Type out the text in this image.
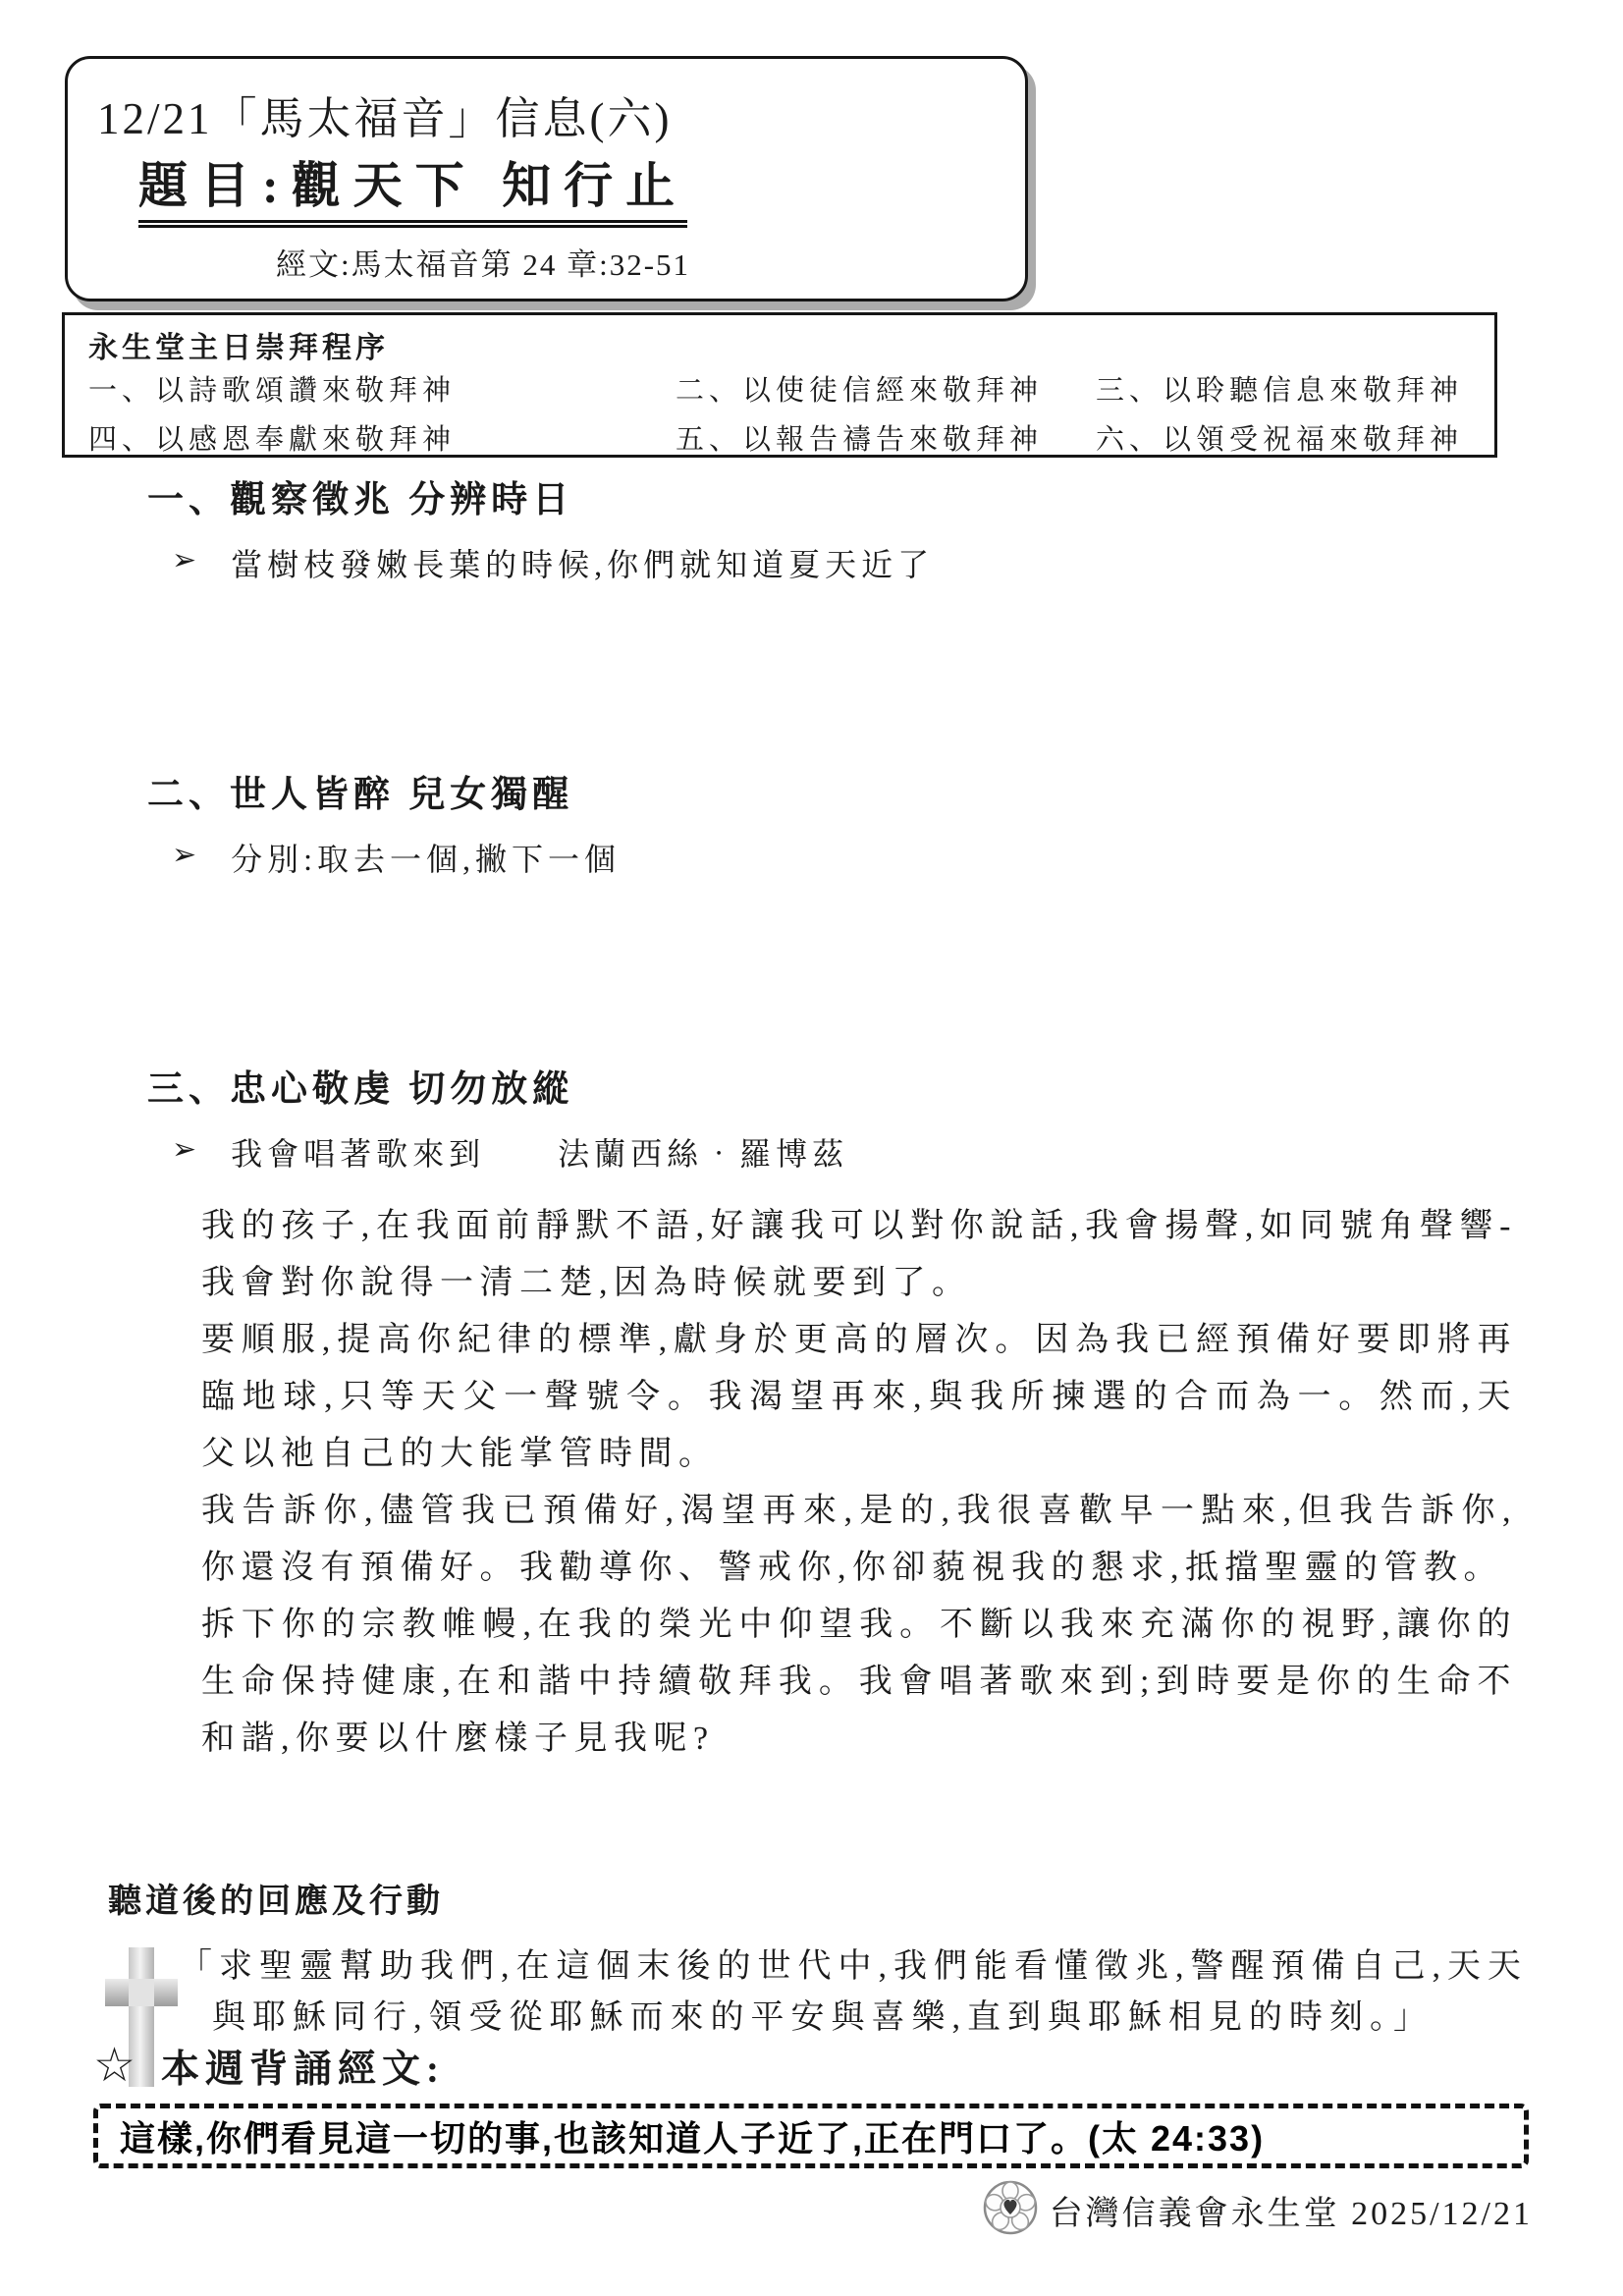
12/21「馬太福音」信息(六)
題目:觀天下 知行止
經文:馬太福音第 24 章:32-51
永生堂主日崇拜程序
一、以詩歌頌讚來敬拜神	二、以使徒信經來敬拜神	三、以聆聽信息來敬拜神
四、以感恩奉獻來敬拜神	五、以報告禱告來敬拜神	六、以領受祝福來敬拜神
一、觀察徵兆 分辨時日
➢ 當樹枝發嫩長葉的時候,你們就知道夏天近了
二、世人皆醉 兒女獨醒
➢ 分別:取去一個,撇下一個
三、忠心敬虔 切勿放縱
➢ 我會唱著歌來到　　法蘭西絲‧羅博茲

我的孩子,在我面前靜默不語,好讓我可以對你說話,我會揚聲,如同號角聲響-我會對你說得一清二楚,因為時候就要到了。

要順服,提高你紀律的標準,獻身於更高的層次。因為我已經預備好要即將再臨地球,只等天父一聲號令。我渴望再來,與我所揀選的合而為一。然而,天父以祂自己的大能掌管時間。

我告訴你,儘管我已預備好,渴望再來,是的,我很喜歡早一點來,但我告訴你,你還沒有預備好。我勸導你、警戒你,你卻藐視我的懇求,抵擋聖靈的管教。

拆下你的宗教帷幔,在我的榮光中仰望我。不斷以我來充滿你的視野,讓你的生命保持健康,在和諧中持續敬拜我。我會唱著歌來到;到時要是你的生命不和諧,你要以什麼樣子見我呢?

聽道後的回應及行動
「求聖靈幫助我們,在這個末後的世代中,我們能看懂徵兆,警醒預備自己,天天與耶穌同行,領受從耶穌而來的平安與喜樂,直到與耶穌相見的時刻。」
☆ 本週背誦經文:
這樣,你們看見這一切的事,也該知道人子近了,正在門口了。(太 24:33)
台灣信義會永生堂 2025/12/21
